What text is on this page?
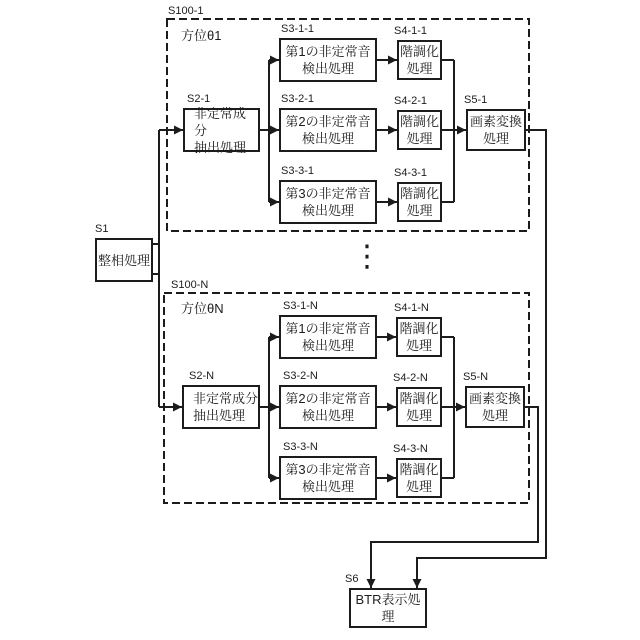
S100-1
方位θ1
S100-N
方位θN
⋮
S1
S2-1
S3-1-1
S3-2-1
S3-3-1
S4-1-1
S4-2-1
S4-3-1
S5-1
S2-N
S3-1-N
S3-2-N
S3-3-N
S4-1-N
S4-2-N
S4-3-N
S5-N
S6
整相処理
非定常成分
抽出処理
第1の非定常音
検出処理
第2の非定常音
検出処理
第3の非定常音
検出処理
階調化
処理
階調化
処理
階調化
処理
画素変換
処理
非定常成分
抽出処理
第1の非定常音
検出処理
第2の非定常音
検出処理
第3の非定常音
検出処理
階調化
処理
階調化
処理
階調化
処理
画素変換
処理
BTR表示処理
